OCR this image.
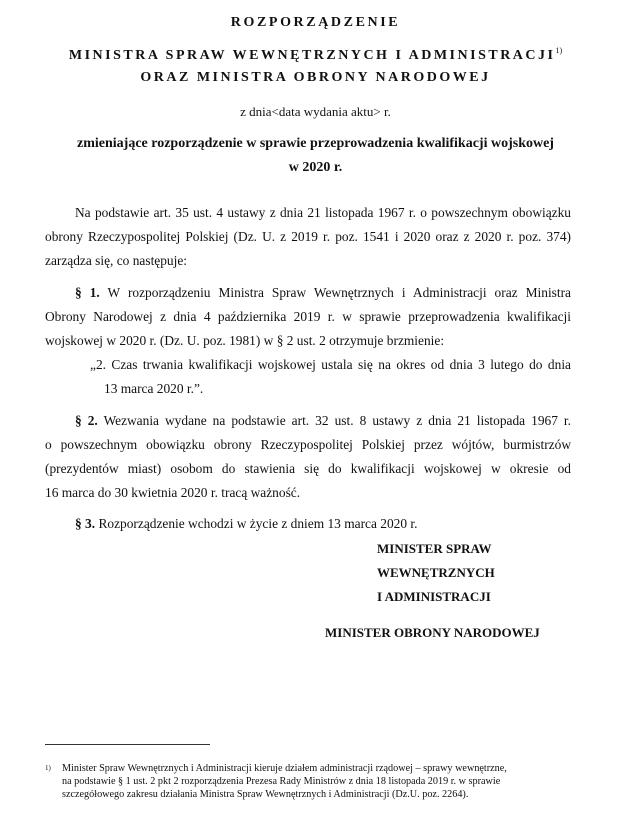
ROZPORZĄDZENIE

MINISTRA SPRAW WEWNĘTRZNYCH I ADMINISTRACJI$^{1)}$

ORAZ MINISTRA OBRONY NARODOWEJ

z dnia<data wydania aktu> r.

zmieniające rozporządzenie w sprawie przeprowadzenia kwalifikacji wojskowej

w 2020 r.

Na podstawie art. 35 ust. 4 ustawy z dnia 21 listopada 1967 r. o powszechnym obowiązku

obrony Rzeczypospolitej Polskiej (Dz. U. z 2019 r. poz. 1541 i 2020 oraz z 2020 r. poz. 374)

zarządza się, co następuje:

§ 1. W rozporządzeniu Ministra Spraw Wewnętrznych i Administracji oraz Ministra

Obrony Narodowej z dnia 4 października 2019 r. w sprawie przeprowadzenia kwalifikacji

wojskowej w 2020 r. (Dz. U. poz. 1981) w § 2 ust. 2 otrzymuje brzmienie:

„2. Czas trwania kwalifikacji wojskowej ustala się na okres od dnia 3 lutego do dnia

13 marca 2020 r.”.

§ 2. Wezwania wydane na podstawie art. 32 ust. 8 ustawy z dnia 21 listopada 1967 r.

o powszechnym obowiązku obrony Rzeczypospolitej Polskiej przez wójtów, burmistrzów

(prezydentów miast) osobom do stawienia się do kwalifikacji wojskowej w okresie od

16 marca do 30 kwietnia 2020 r. tracą ważność.

§ 3. Rozporządzenie wchodzi w życie z dniem 13 marca 2020 r.

MINISTER SPRAW

WEWNĘTRZNYCH

I ADMINISTRACJI

MINISTER OBRONY NARODOWEJ

1) Minister Spraw Wewnętrznych i Administracji kieruje działem administracji rządowej – sprawy wewnętrzne,

na podstawie § 1 ust. 2 pkt 2 rozporządzenia Prezesa Rady Ministrów z dnia 18 listopada 2019 r. w sprawie

szczegółowego zakresu działania Ministra Spraw Wewnętrznych i Administracji (Dz.U. poz. 2264).
